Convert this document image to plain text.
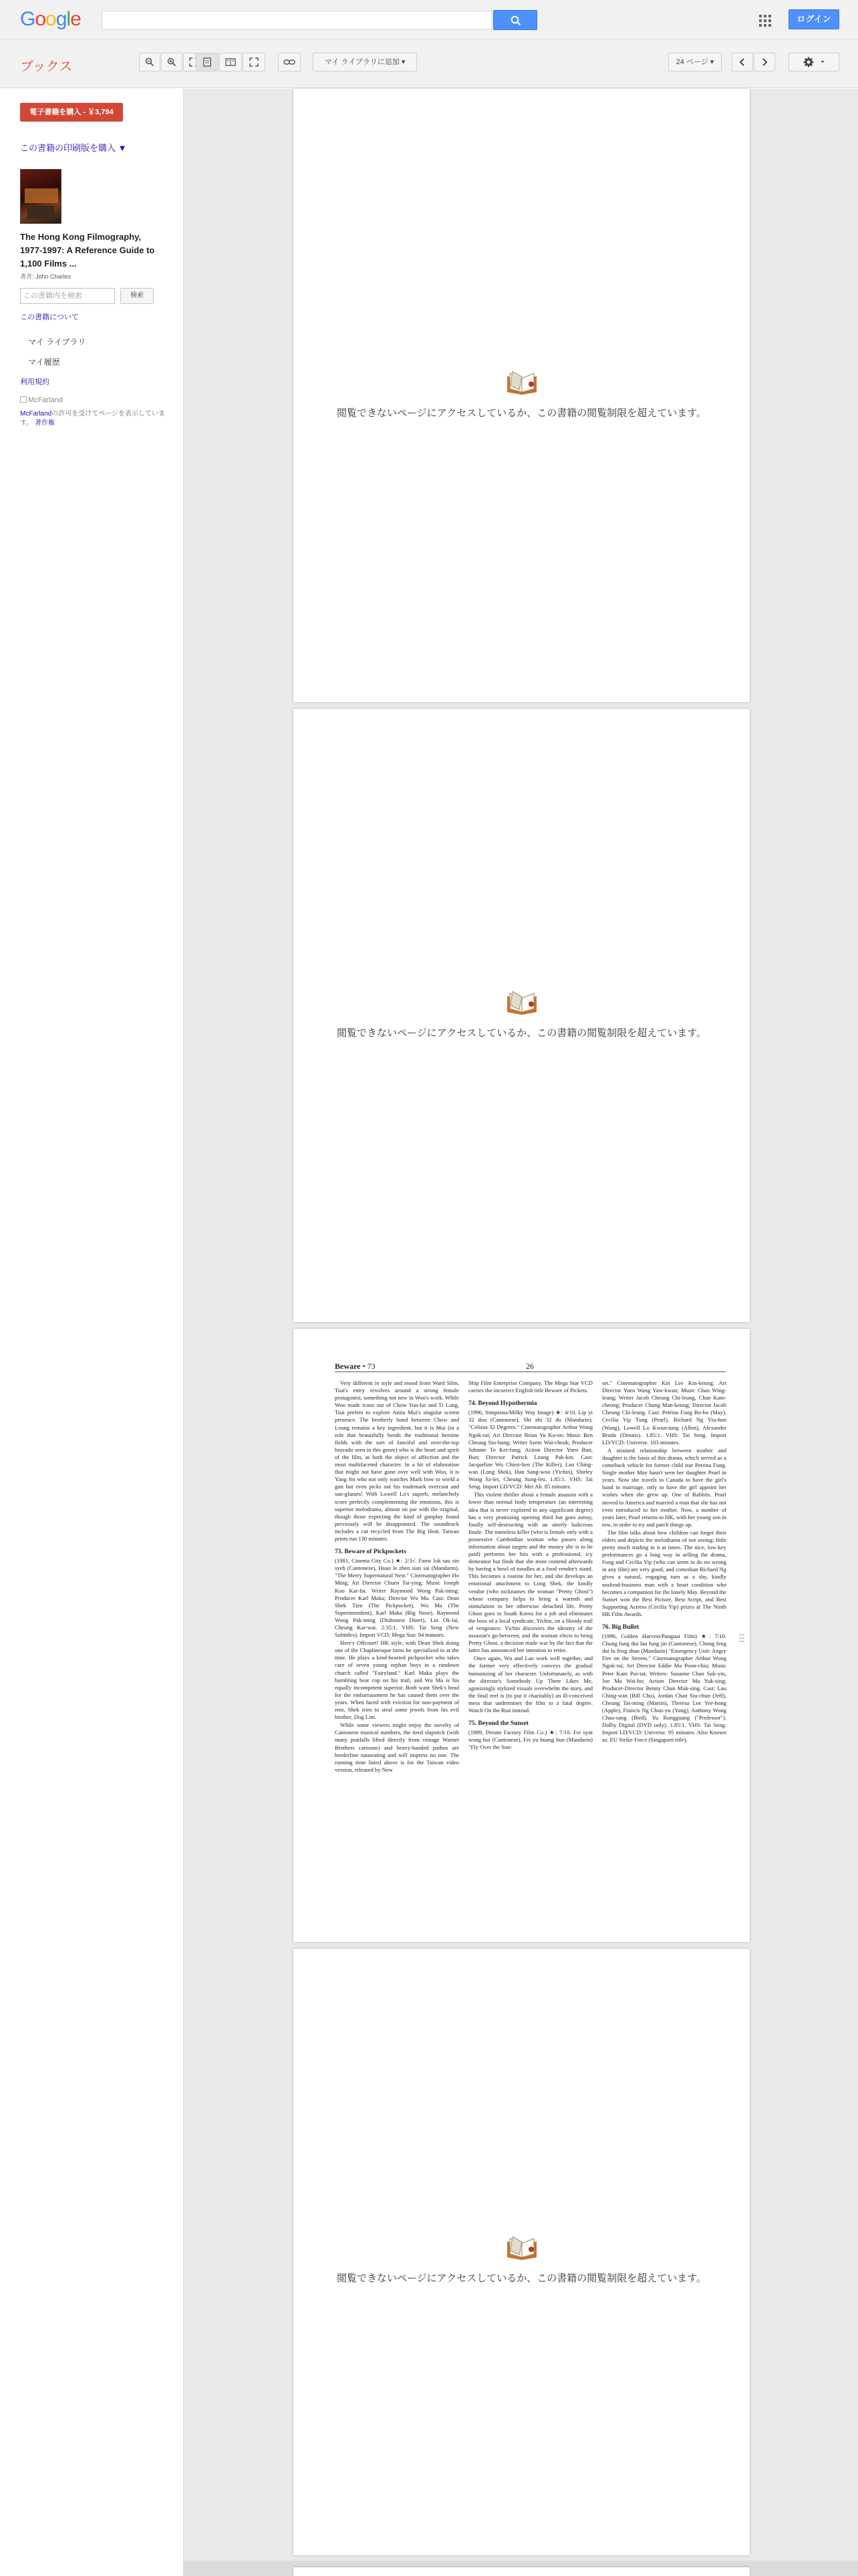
Google	ログイン
ブックス	マイ ライブラリに追加 ▾	24 ページ ▾
電子書籍を購入 - ￥3,794
この書籍の印刷版を購入 ▼
The Hong Kong Filmography, 1977-1997: A Reference Guide to 1,100 Films ...
著者: John Charles
この書籍内を検索	検索
この書籍について
マイ ライブラリ
マイ履歴
利用規約
McFarland
McFarlandの許可を受けてページを表示しています。 著作権
閲覧できないページにアクセスしているか、この書籍の閲覧制限を超えています。
閲覧できないページにアクセスしているか、この書籍の閲覧制限を超えています。
Beware • 73	26

Very different in style and mood from Ward Silm, Tsui's entry revolves around a strong female protagonist, something not new in Woo's work. While Woo made icons out of Chow Yun-fat and Ti Lung, Tsui prefers to explore Anita Mui's singular screen presence. The brotherly bond between Chow and Leung remains a key ingredient, but it is Mui (in a role that beautifully bends the traditional heroine fields with the sort of fanciful and over-the-top bravado seen in this genre) who is the heart and spirit of the film, as both the object of affection and the most multifaceted character. In a bit of elaboration that might not have gone over well with Woo, it is Yang Jin who not only watches Mark bow to wield a gun but even picks out his trademark overcoat and sun-glasses! With Lowell Lo's superb, melancholy score perfectly complementing the emotions, this is superior melodrama, almost on par with the original, though those expecting the kind of gunplay found previously will be disappointed. The soundtrack includes a cut recycled from The Big Heat. Taiwan prints run 130 minutes.

73. Beware of Pickpockets

(1981, Cinema City Co.) ★: 2/3√. Fanw lok sau sin syeh (Cantonese), Huan le zhen sian sai (Mandarin). "The Merry Supernatural Nest." Cinematographer Ho Ming; Art Director Chuen Tai-ying; Music Joseph Koo Kar-fai. Writer Raymond Wong Pak-ming; Producer Karl Maka; Director Wu Ma. Cast: Dean Shek Tien (The Pickpocket), Wu Ma (The Superintendent), Karl Maka (Big Nose), Raymond Wong Pak-ming (Dishonest Diner), Lin Ok-lai, Cheung Kar-wai. 2:35:1. VHS: Tai Seng (New Subtitles). Import VCD: Mega Star. 94 minutes.

Here's Offcourt! HK style, with Dean Shek doing one of the Chaplinesque turns he specialized in at the time. He plays a kind-hearted pickpocket who takes care of seven young orphan boys in a rundown church called "Fairyland." Karl Maka plays the bumbling beat cop on his trail, and Wu Ma is his equally incompetent superior. Both want Shek's head for the embarrassment he has caused them over the years. When faced with eviction for non-payment of rent, Shek tries to steal some jewels from his evil brother, Dog Lim.

While some viewers might enjoy the novelty of Cantonese musical numbers, the tired slapstick (with many pratfalls lifted directly from vintage Warner Brothers cartoons) and heavy-handed pathos are borderline nauseating and will impress no one. The running time listed above is for the Taiwan video version, released by New

Ship Film Enterprise Company. The Mega Star VCD carries the incorrect English title Beware of Pickets.

74. Beyond Hypothermia

(1996, Simpsons/Milky Way Image) ★: 4/10. Lip yi 32 dou (Cantonese), Shi zhi 32 du (Mandarin). "Celsius 32 Degrees." Cinematographer Arthur Wong Ngok-tai; Art Director Brian Yu Ka-on; Music Ben Cheung Siu-hung; Writer Szeto Wai-cheuk; Producer Johnnie To Kei-fung; Action Director Yuen Bun, Bun; Director Patrick Leung Pak-kin. Cast: Jacqueline Wu Chien-lien (The Killer), Lau Ching-wan (Long Shek), Han Sang-woo (Yichin), Shirley Wong Sz-lei, Cheung Sung-leu. 1.85:1. VHS: Tai Seng. Import LD/VCD: Mei Ah. 85 minutes.

This violent thriller about a female assassin with a lower than normal body temperature (an interesting idea that is never explored to any significant degree) has a very promising opening third but goes astray, finally self-destructing with an utterly ludicrous finale. The nameless killer (who is female only with a possessive Cambodian woman who passes along information about targets and the money she is to be paid) performs her hits with a professional, icy demeanor but finds that she must contend afterwards by having a bowl of noodles at a food vendor's stand. This becomes a routine for her, and she develops an emotional attachment to Long Shek, the kindly vendor (who nicknames the woman "Pretty Ghost") whose company helps to bring a warmth and stimulation to her otherwise detached life. Pretty Ghost goes to South Korea for a job and eliminates the boss of a local syndicate, Yichin, on a bloody trail of vengeance. Yichin discovers the identity of the assassin's go-between, and the woman elects to bring Pretty Ghost, a decision made war by the fact that the latter has announced her intention to retire.

Once again, Wu and Lau work well together, and the former very effectively conveys the gradual humanizing of her character. Unfortunately, as with the director's Somebody Up There Likes Me, agonizingly stylized visuals overwhelm the story, and the final reel is (to put it charitably) an ill-conceived mess that undermines the film to a fatal degree. Watch On the Run instead.

75. Beyond the Sunset

(1989, Dream Factory Film Co.) ★: 7/10. Fei syut wong hoi (Cantonese), Fei yu huang hun (Mandarin) "Fly Over the Sun-

set." Cinematographer Kin Lee Kin-keung; Art Director Yuen Wang Yaw-kwan; Music Chan Wing-leung; Writer Jacob Cheung Chi-leung, Chan Kam-cheong; Producer Chung Man-keung; Director Jacob Cheung Chi-leung. Cast: Petrina Fung Bo-bo (May), Cecilia Yip Tung (Pearl), Richard Ng Yiu-hon (Wang), Lowell Lo Kwun-tung (Allen), Alexander Bruda (Dennis). 1.85:1. VHS: Tai Seng. Import LD/VCD: Universe. 103 minutes.

A strained relationship between mother and daughter is the basis of this drama, which served as a comeback vehicle for former child star Petrina Fung. Single mother May hasn't seen her daughter Pearl in years. Now she travels to Canada to have the girl's hand in marriage, only to have the girl appoint her wishes when she grew up. One of Rabbits. Pearl moved to America and married a man that she has not even introduced to her mother. Now, a number of years later, Pearl returns to HK, with her young son in tow, in order to try and patch things up.

The film talks about how children can forget their elders and depicts the melodrama of not seeing; little pretty much trading in it at times. The nice, low-key performances go a long way in selling the drama, Fung and Cecilia Yip (who can seem to do no wrong in any film) are very good, and comedian Richard Ng gives a natural, engaging turn as a shy, kindly seafood-business man with a heart condition who becomes a companion for the lonely May. Beyond the Sunset won the Best Picture, Best Script, and Best Supporting Actress (Cecilia Yip) prizes at The Ninth HK Film Awards.

76. Big Bullet

(1996, Golden Harvest/Panguai Film) ★: 7/10. Chung fung dui lau fung jin (Cantonese), Chong feng dui lu feng zhan (Mandarin) "Emergency Unit: Angry Fire on the Streets." Cinematographer Arthur Wong Ngok-tai; Art Director Eddie Ma Poon-chiu; Music Peter Kam Pui-tat; Writers: Susanne Chan Suk-yin, Joe Ma Wai-ho; Action Director Ma Yuk-sing; Producer-Director Benny Chan Muk-sing. Cast: Lau Ching-wan (Bill Chu), Jordan Chan Siu-chun (Jeff), Cheung Tat-ming (Martin), Theresa Lee Yee-hong (Apple), Francis Ng Chun-yu (Yang), Anthony Wong Chau-sang (Bird), Yu Rongguang ("Professor"). Dolby Digital (DVD only). 1.85:1. VHS: Tai Seng. Import LD/VCD: Universe. 95 minutes. Also Known as: EU Strike Force (Singapore title).

閲覧できないページにアクセスしているか、この書籍の閲覧制限を超えています。
